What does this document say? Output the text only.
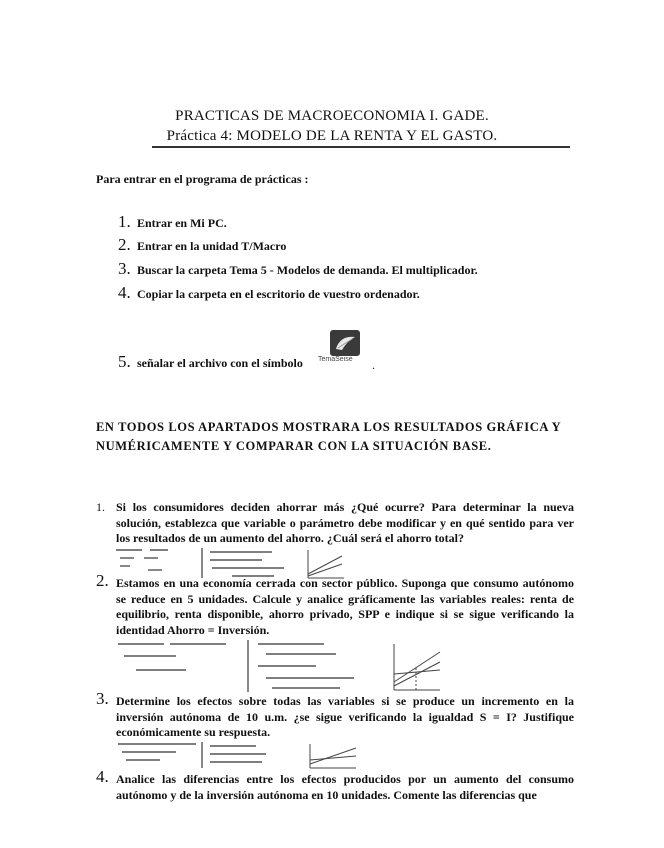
PRACTICAS DE MACROECONOMIA I. GADE.
Práctica 4: MODELO DE LA RENTA Y EL GASTO.
Para entrar en el programa de prácticas :
1. Entrar en Mi PC.
2. Entrar en la unidad T/Macro
3. Buscar la carpeta Tema 5 - Modelos de demanda. El multiplicador.
4. Copiar la carpeta en el escritorio de vuestro ordenador.
5. señalar el archivo con el símbolo TemaSeise .
EN TODOS LOS APARTADOS MOSTRARA LOS RESULTADOS GRÁFICA Y NUMÉRICAMENTE Y COMPARAR CON LA SITUACIÓN BASE.
1. Si los consumidores deciden ahorrar más ¿Qué ocurre? Para determinar la nueva solución, establezca que variable o parámetro debe modificar y en qué sentido para ver los resultados de un aumento del ahorro. ¿Cuál será el ahorro total?
2. Estamos en una economía cerrada con sector público. Suponga que consumo autónomo se reduce en 5 unidades. Calcule y analice gráficamente las variables reales: renta de equilibrio, renta disponible, ahorro privado, SPP e indique si se sigue verificando la identidad Ahorro = Inversión.
3. Determine los efectos sobre todas las variables si se produce un incremento en la inversión autónoma de 10 u.m. ¿se sigue verificando la igualdad S = I? Justifique económicamente su respuesta.
4. Analice las diferencias entre los efectos producidos por un aumento del consumo autónomo y de la inversión autónoma en 10 unidades. Comente las diferencias que
